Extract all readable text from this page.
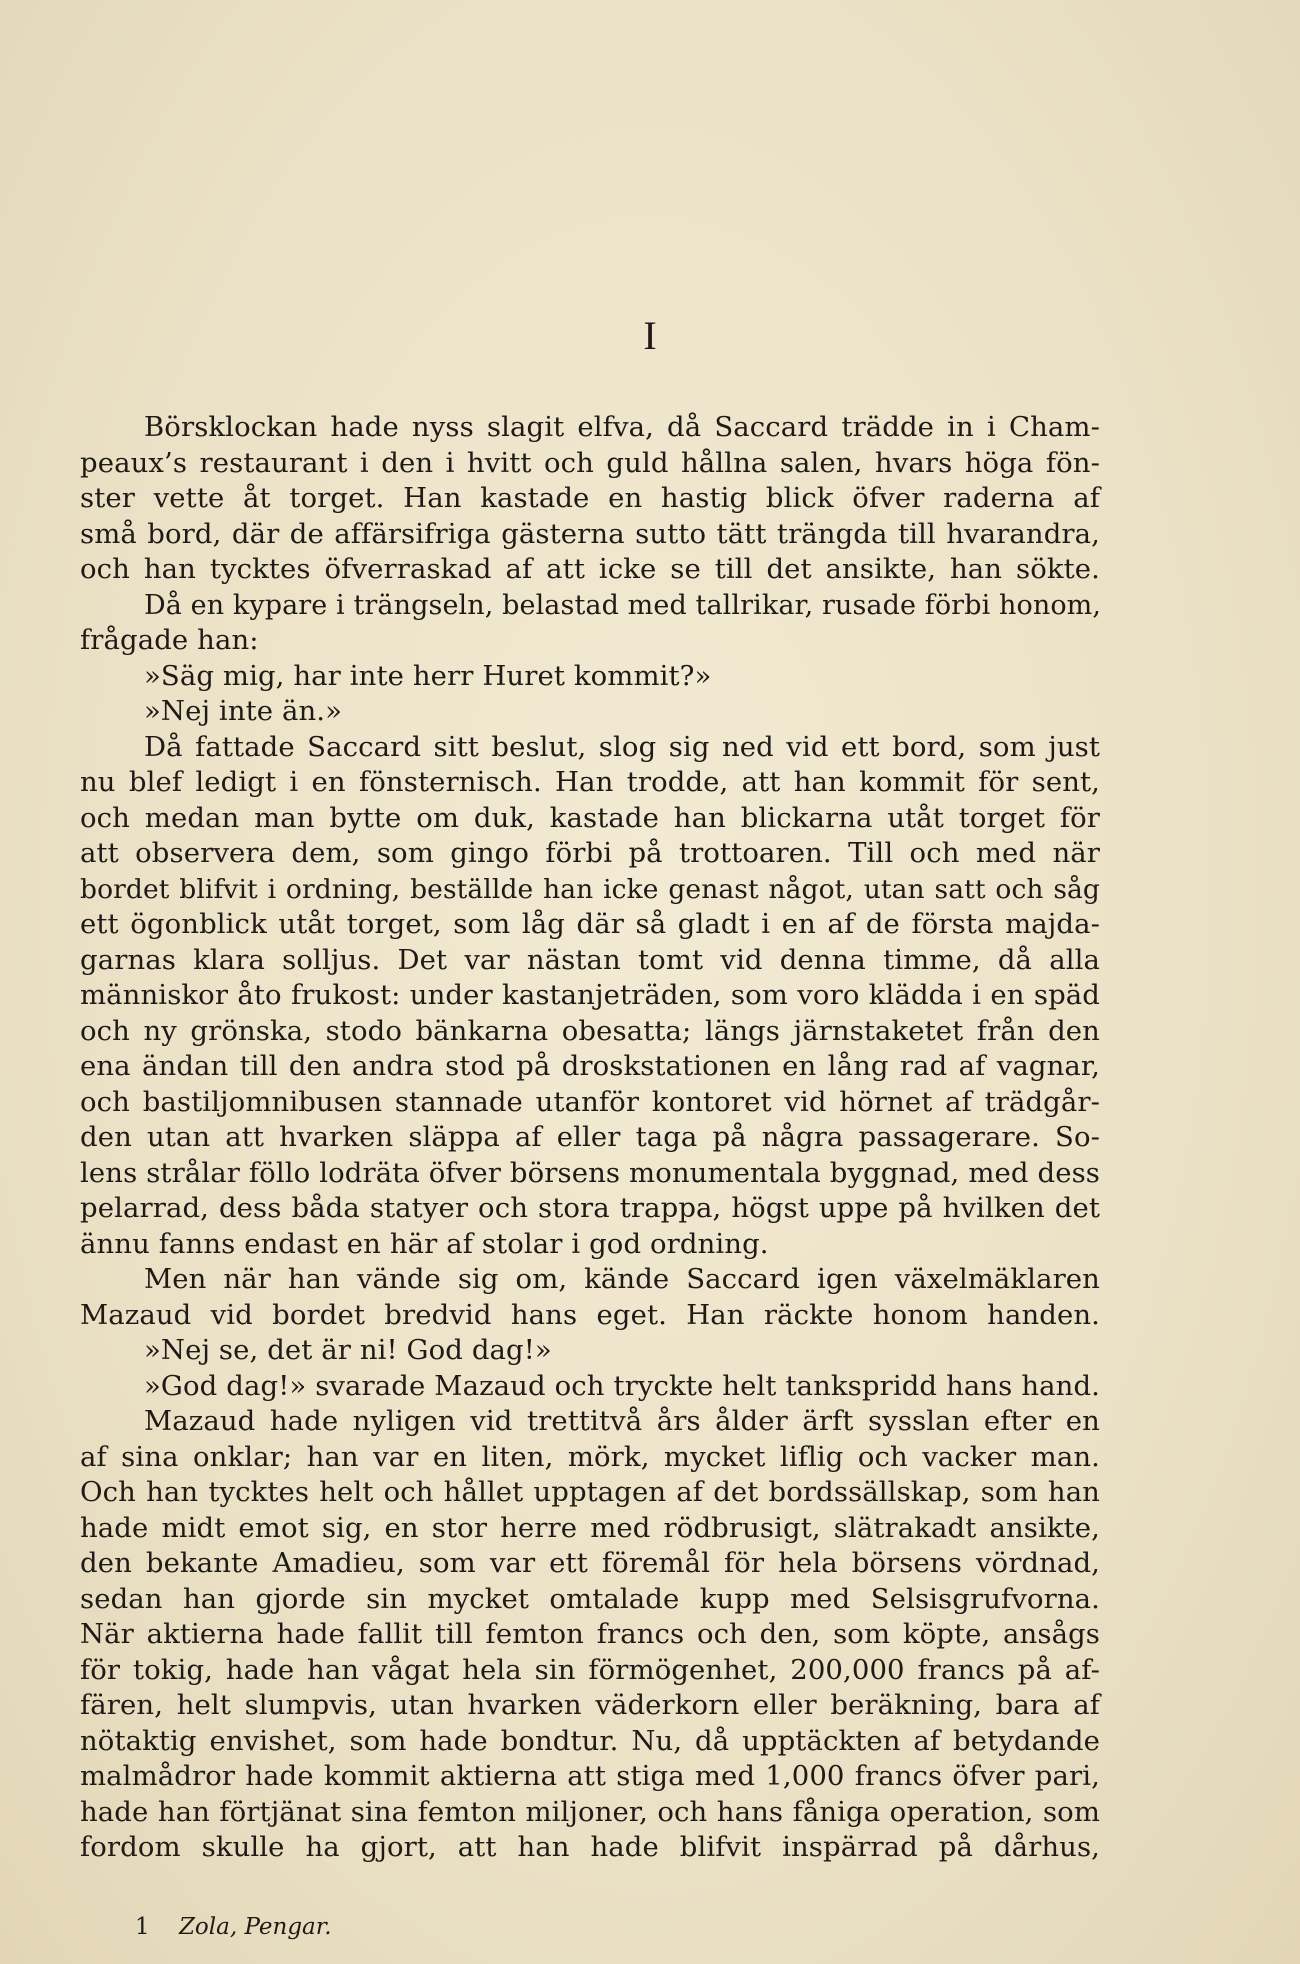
I
Börsklockan hade nyss slagit elfva, då Saccard trädde in i Cham-
peaux’s restaurant i den i hvitt och guld hållna salen, hvars höga fön-
ster vette åt torget. Han kastade en hastig blick öfver raderna af
små bord, där de affärsifriga gästerna sutto tätt trängda till hvarandra,
och han tycktes öfverraskad af att icke se till det ansikte, han sökte.
Då en kypare i trängseln, belastad med tallrikar, rusade förbi honom,
frågade han:
»Säg mig, har inte herr Huret kommit?»
»Nej inte än.»
Då fattade Saccard sitt beslut, slog sig ned vid ett bord, som just
nu blef ledigt i en fönsternisch. Han trodde, att han kommit för sent,
och medan man bytte om duk, kastade han blickarna utåt torget för
att observera dem, som gingo förbi på trottoaren. Till och med när
bordet blifvit i ordning, beställde han icke genast något, utan satt och såg
ett ögonblick utåt torget, som låg där så gladt i en af de första majda-
garnas klara solljus. Det var nästan tomt vid denna timme, då alla
människor åto frukost: under kastanjeträden, som voro klädda i en späd
och ny grönska, stodo bänkarna obesatta; längs järnstaketet från den
ena ändan till den andra stod på droskstationen en lång rad af vagnar,
och bastiljomnibusen stannade utanför kontoret vid hörnet af trädgår-
den utan att hvarken släppa af eller taga på några passagerare. So-
lens strålar föllo lodräta öfver börsens monumentala byggnad, med dess
pelarrad, dess båda statyer och stora trappa, högst uppe på hvilken det
ännu fanns endast en här af stolar i god ordning.
Men när han vände sig om, kände Saccard igen växelmäklaren
Mazaud vid bordet bredvid hans eget. Han räckte honom handen.
»Nej se, det är ni! God dag!»
»God dag!» svarade Mazaud och tryckte helt tankspridd hans hand.
Mazaud hade nyligen vid trettitvå års ålder ärft sysslan efter en
af sina onklar; han var en liten, mörk, mycket liflig och vacker man.
Och han tycktes helt och hållet upptagen af det bordssällskap, som han
hade midt emot sig, en stor herre med rödbrusigt, slätrakadt ansikte,
den bekante Amadieu, som var ett föremål för hela börsens vördnad,
sedan han gjorde sin mycket omtalade kupp med Selsisgrufvorna.
När aktierna hade fallit till femton francs och den, som köpte, ansågs
för tokig, hade han vågat hela sin förmögenhet, 200,000 francs på af-
fären, helt slumpvis, utan hvarken väderkorn eller beräkning, bara af
nötaktig envishet, som hade bondtur. Nu, då upptäckten af betydande
malmådror hade kommit aktierna att stiga med 1,000 francs öfver pari,
hade han förtjänat sina femton miljoner, och hans fåniga operation, som
fordom skulle ha gjort, att han hade blifvit inspärrad på dårhus,
1 Zola, Pengar.
